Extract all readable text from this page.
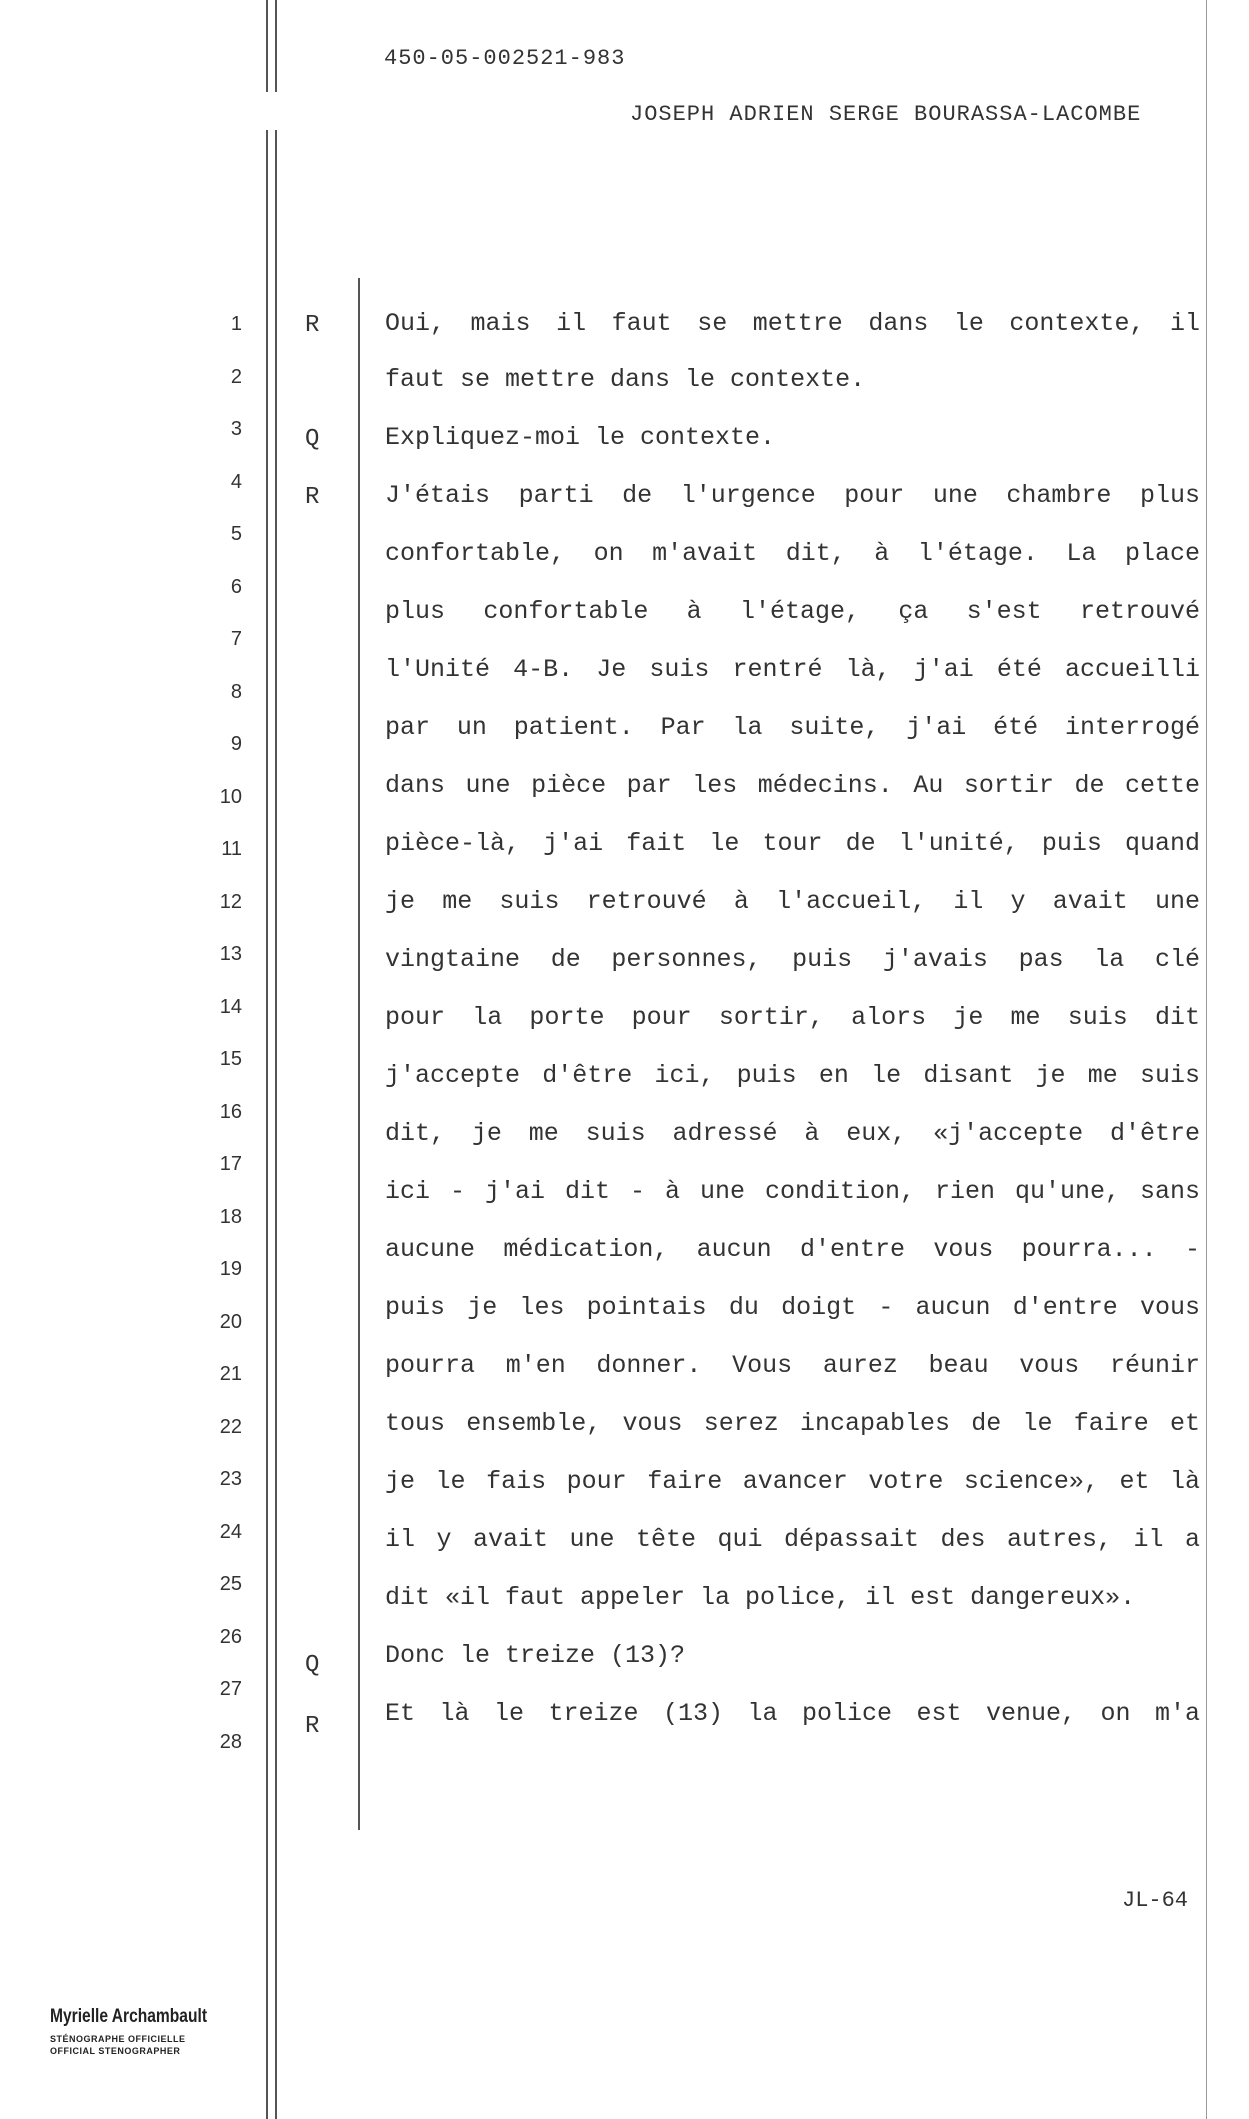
450-05-002521-983
JOSEPH ADRIEN SERGE BOURASSA-LACOMBE
1
2
3
4
5
6
7
8
9
10
11
12
13
14
15
16
17
18
19
20
21
22
23
24
25
26
27
28
R
Q
R
Q
R
Oui, mais il faut se mettre dans le contexte, il
faut se mettre dans le contexte.
Expliquez-moi le contexte.
J'étais parti de l'urgence pour une chambre plus
confortable, on m'avait dit, à l'étage. La place
plus confortable à l'étage, ça s'est retrouvé
l'Unité 4-B. Je suis rentré là, j'ai été accueilli
par un patient. Par la suite, j'ai été interrogé
dans une pièce par les médecins. Au sortir de cette
pièce-là, j'ai fait le tour de l'unité, puis quand
je me suis retrouvé à l'accueil, il y avait une
vingtaine de personnes, puis j'avais pas la clé
pour la porte pour sortir, alors je me suis dit
j'accepte d'être ici, puis en le disant je me suis
dit, je me suis adressé à eux, «j'accepte d'être
ici - j'ai dit - à une condition, rien qu'une, sans
aucune médication, aucun d'entre vous pourra... -
puis je les pointais du doigt - aucun d'entre vous
pourra m'en donner. Vous aurez beau vous réunir
tous ensemble, vous serez incapables de le faire et
je le fais pour faire avancer votre science», et là
il y avait une tête qui dépassait des autres, il a
dit «il faut appeler la police, il est dangereux».
Donc le treize (13)?
Et là le treize (13) la police est venue, on m'a
JL-64
Myrielle Archambault
STÉNOGRAPHE OFFICIELLE
OFFICIAL STENOGRAPHER
